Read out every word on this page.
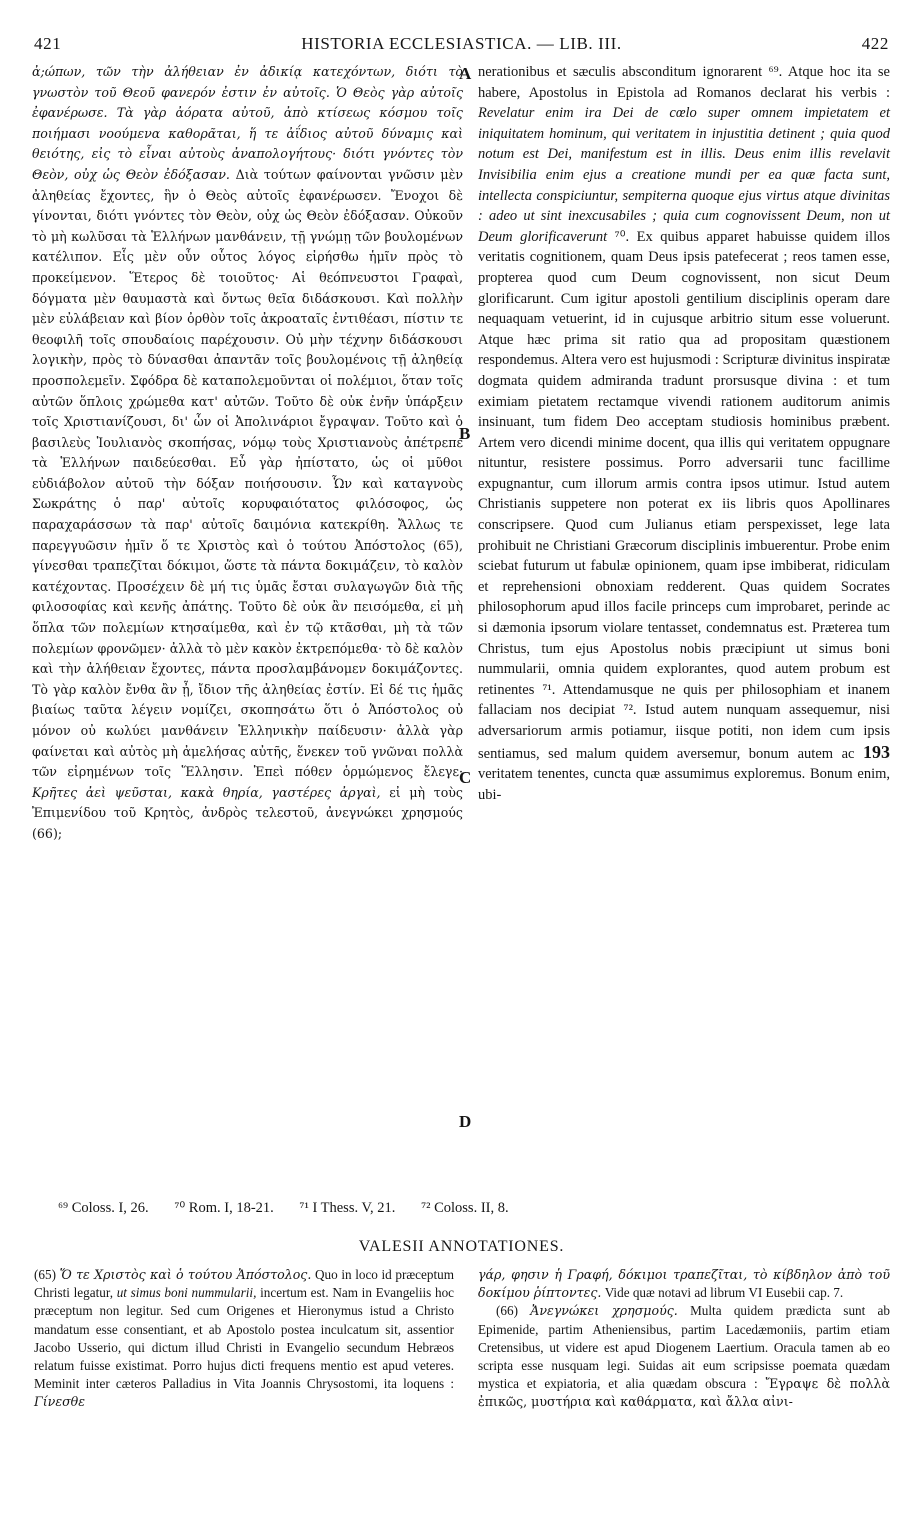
421	HISTORIA ECCLESIASTICA. — LIB. III.	422

ἀ;ώπων, τῶν τὴν ἀλήθειαν ἐν ἀδικίᾳ κατεχόντων, διότι τὸ γνωστὸν τοῦ Θεοῦ φανερόν ἐστιν ἐν αὐτοῖς. Ὁ Θεὸς γὰρ αὐτοῖς ἐφανέρωσε. Τὰ γὰρ ἀόρατα αὐτοῦ, ἀπὸ κτίσεως κόσμου τοῖς ποιήμασι νοούμενα καθορᾶται, ἥ τε ἀΐδιος αὐτοῦ δύναμις καὶ θειότης, εἰς τὸ εἶναι αὐτοὺς ἀναπολογήτους· διότι γνόντες τὸν Θεὸν, οὐχ ὡς Θεὸν ἐδόξασαν. Διὰ τούτων φαίνονται γνῶσιν μὲν ἀληθείας ἔχοντες, ἣν ὁ Θεὸς αὐτοῖς ἐφανέρωσεν. Ἔνοχοι δὲ γίνονται, διότι γνόντες τὸν Θεὸν, οὐχ ὡς Θεὸν ἐδόξασαν. Οὐκοῦν τὸ μὴ κωλῦσαι τὰ Ἑλλήνων μανθάνειν, τῇ γνώμῃ τῶν βουλομένων κατέλιπον. Εἷς μὲν οὖν οὗτος λόγος εἰρήσθω ἡμῖν πρὸς τὸ προκείμενον. Ἕτερος δὲ τοιοῦτος· Αἱ θεόπνευστοι Γραφαὶ, δόγματα μὲν θαυμαστὰ καὶ ὄντως θεῖα διδάσκουσι. Καὶ πολλὴν μὲν εὐλάβειαν καὶ βίον ὀρθὸν τοῖς ἀκροαταῖς ἐντιθέασι, πίστιν τε θεοφιλῆ τοῖς σπουδαίοις παρέχουσιν. Οὐ μὴν τέχνην διδάσκουσι λογικὴν, πρὸς τὸ δύνασθαι ἀπαντᾶν τοῖς βουλομένοις τῇ ἀληθείᾳ προσπολεμεῖν. Σφόδρα δὲ καταπολεμοῦνται οἱ πολέμιοι, ὅταν τοῖς αὐτῶν ὅπλοις χρώμεθα κατ' αὐτῶν. Τοῦτο δὲ οὐκ ἐνῆν ὑπάρξειν τοῖς Χριστιανίζουσι, δι' ὧν οἱ Ἀπολινάριοι ἔγραψαν. Τοῦτο καὶ ὁ βασιλεὺς Ἰουλιανὸς σκοπήσας, νόμῳ τοὺς Χριστιανοὺς ἀπέτρεπε τὰ Ἑλλήνων παιδεύεσθαι. Εὖ γὰρ ἠπίστατο, ὡς οἱ μῦθοι εὐδιάβολον αὐτοῦ τὴν δόξαν ποιήσουσιν. Ὧν καὶ καταγνοὺς Σωκράτης ὁ παρ' αὐτοῖς κορυφαιότατος φιλόσοφος, ὡς παραχαράσσων τὰ παρ' αὐτοῖς δαιμόνια κατεκρίθη. Ἄλλως τε παρεγγυῶσιν ἡμῖν ὅ τε Χριστὸς καὶ ὁ τούτου Ἀπόστολος (65), γίνεσθαι τραπεζῖται δόκιμοι, ὥστε τὰ πάντα δοκιμάζειν, τὸ καλὸν κατέχοντας. Προσέχειν δὲ μή τις ὑμᾶς ἔσται συλαγωγῶν διὰ τῆς φιλοσοφίας καὶ κενῆς ἀπάτης. Τοῦτο δὲ οὐκ ἂν πεισόμεθα, εἰ μὴ ὅπλα τῶν πολεμίων κτησαίμεθα, καὶ ἐν τῷ κτᾶσθαι, μὴ τὰ τῶν πολεμίων φρονῶμεν· ἀλλὰ τὸ μὲν κακὸν ἐκτρεπόμεθα· τὸ δὲ καλὸν καὶ τὴν ἀλήθειαν ἔχοντες, πάντα προσλαμβάνομεν δοκιμάζοντες. Τὸ γὰρ καλὸν ἔνθα ἂν ᾖ, ἴδιον τῆς ἀληθείας ἐστίν. Εἰ δέ τις ἡμᾶς βιαίως ταῦτα λέγειν νομίζει, σκοπησάτω ὅτι ὁ Ἀπόστολος οὐ μόνον οὐ κωλύει μανθάνειν Ἑλληνικὴν παίδευσιν· ἀλλὰ γὰρ φαίνεται καὶ αὐτὸς μὴ ἀμελήσας αὐτῆς, ἕνεκεν τοῦ γνῶναι πολλὰ τῶν εἰρημένων τοῖς Ἕλλησιν. Ἐπεὶ πόθεν ὁρμώμενος ἔλεγε· Κρῆτες ἀεὶ ψεῦσται, κακὰ θηρία, γαστέρες ἀργαὶ, εἰ μὴ τοὺς Ἐπιμενίδου τοῦ Κρητὸς, ἀνδρὸς τελεστοῦ, ἀνεγνώκει χρησμούς (66);

A
B
C
D

nerationibus et sæculis absconditum ignorarent ⁶⁹. Atque hoc ita se habere, Apostolus in Epistola ad Romanos declarat his verbis : Revelatur enim ira Dei de cœlo super omnem impietatem et iniquitatem hominum, qui veritatem in injustitia detinent ; quia quod notum est Dei, manifestum est in illis. Deus enim illis revelavit Invisibilia enim ejus a creatione mundi per ea quæ facta sunt, intellecta conspiciuntur, sempiterna quoque ejus virtus atque divinitas : adeo ut sint inexcusabiles ; quia cum cognovissent Deum, non ut Deum glorificaverunt ⁷⁰. Ex quibus apparet habuisse quidem illos veritatis cognitionem, quam Deus ipsis patefecerat ; reos tamen esse, propterea quod cum Deum cognovissent, non sicut Deum glorificarunt. Cum igitur apostoli gentilium disciplinis operam dare nequaquam vetuerint, id in cujusque arbitrio situm esse voluerunt. Atque hæc prima sit ratio qua ad propositam quæstionem respondemus. Altera vero est hujusmodi : Scripturæ divinitus inspiratæ dogmata quidem admiranda tradunt prorsusque divina : et tum eximiam pietatem rectamque vivendi rationem auditorum animis insinuant, tum fidem Deo acceptam studiosis hominibus præbent. Artem vero dicendi minime docent, qua illis qui veritatem oppugnare nituntur, resistere possimus. Porro adversarii tunc facillime expugnantur, cum illorum armis contra ipsos utimur. Istud autem Christianis suppetere non poterat ex iis libris quos Apollinares conscripsere. Quod cum Julianus etiam perspexisset, lege lata prohibuit ne Christiani Græcorum disciplinis imbuerentur. Probe enim sciebat futurum ut fabulæ opinionem, quam ipse imbiberat, ridiculam et reprehensioni obnoxiam redderent. Quas quidem Socrates philosophorum apud illos facile princeps cum improbaret, perinde ac si dæmonia ipsorum violare tentasset, condemnatus est. Præterea tum Christus, tum ejus Apostolus nobis præcipiunt ut simus boni nummularii, omnia quidem explorantes, quod autem probum est retinentes ⁷¹. Attendamusque ne quis per philosophiam et inanem fallaciam nos decipiat ⁷². Istud autem nunquam assequemur, nisi adversariorum armis potiamur, iisque potiti, non idem cum ipsis sentiamus, sed malum quidem aversemur, bonum autem ac 193 veritatem tenentes, cuncta quæ assumimus exploremus. Bonum enim, ubi-

⁶⁹ Coloss. I, 26. ⁷⁰ Rom. I, 18-21. ⁷¹ I Thess. V, 21. ⁷² Coloss. II, 8.
VALESII ANNOTATIONES.

(65) Ὅ τε Χριστὸς καὶ ὁ τούτου Ἀπόστολος. Quo in loco id præceptum Christi legatur, ut simus boni nummularii, incertum est. Nam in Evangeliis hoc præceptum non legitur. Sed cum Origenes et Hieronymus istud a Christo mandatum esse consentiant, et ab Apostolo postea inculcatum sit, assentior Jacobo Usserio, qui dictum illud Christi in Evangelio secundum Hebræos relatum fuisse existimat. Porro hujus dicti frequens mentio est apud veteres. Meminit inter cæteros Palladius in Vita Joannis Chrysostomi, ita loquens : Γίνεσθε

γάρ, φησιν ἡ Γραφή, δόκιμοι τραπεζῖται, τὸ κίβδηλον ἀπὸ τοῦ δοκίμου ῥίπτοντες. Vide quæ notavi ad librum VI Eusebii cap. 7.

(66) Ἀνεγνώκει χρησμούς. Multa quidem prædicta sunt ab Epimenide, partim Atheniensibus, partim Lacedæmoniis, partim etiam Cretensibus, ut videre est apud Diogenem Laertium. Oracula tamen ab eo scripta esse nusquam legi. Suidas ait eum scripsisse poemata quædam mystica et expiatoria, et alia quædam obscura : Ἔγραψε δὲ πολλὰ ἐπικῶς, μυστήρια καὶ καθάρματα, καὶ ἄλλα αἰνι-
